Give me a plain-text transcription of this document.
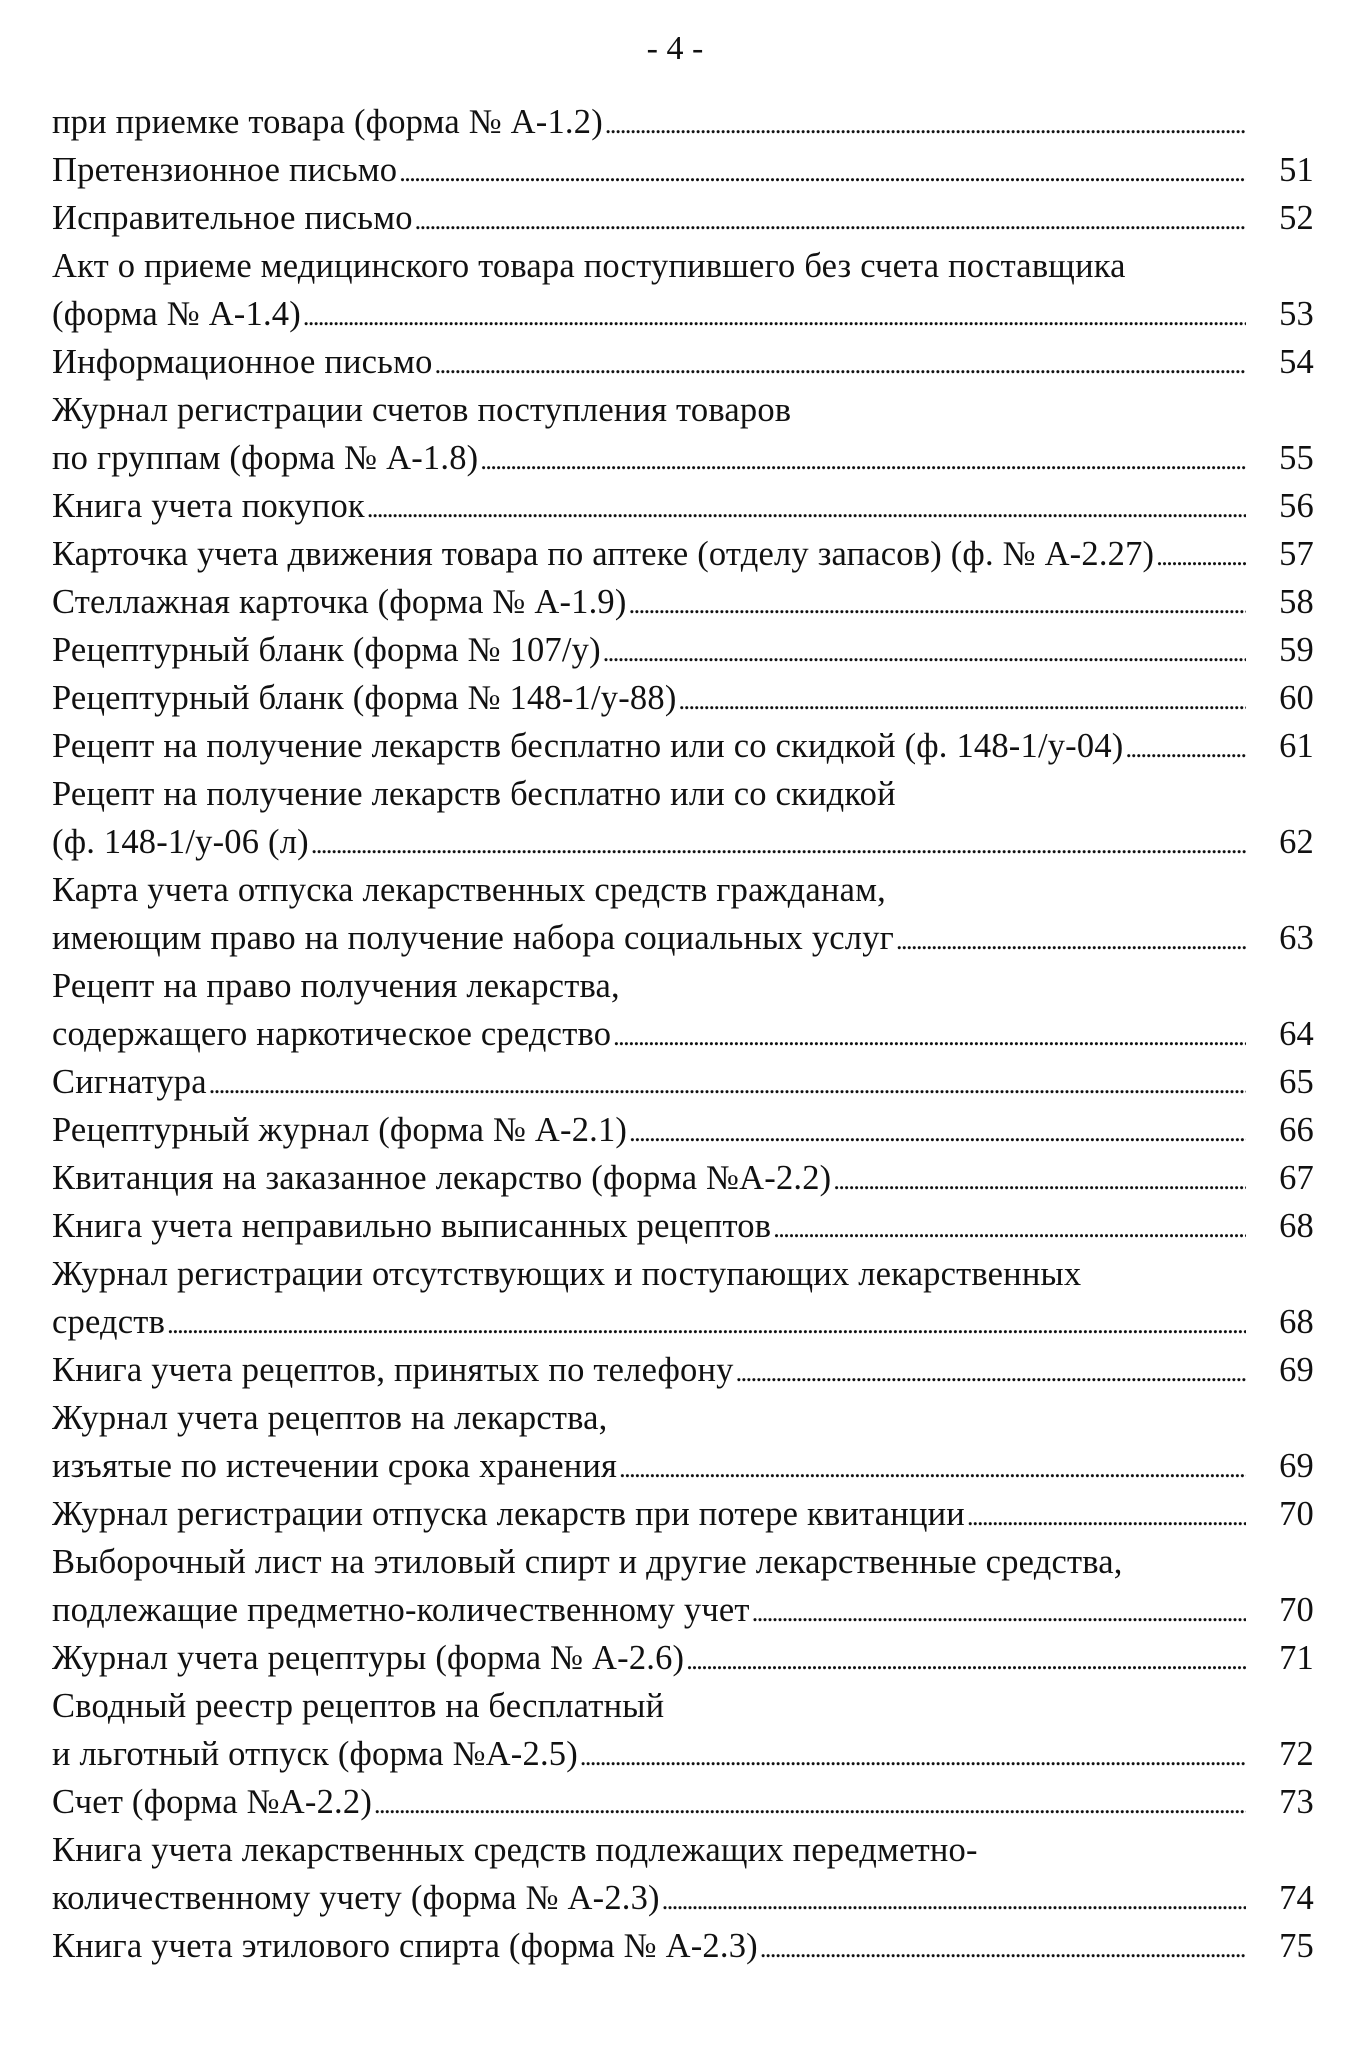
- 4 -
при приемке товара (форма № А-1.2)
. . .
Претензионное письмо . . .	51
Исправительное письмо . . .	52
Акт о приеме медицинского товара поступившего без счета поставщика
(форма № А-1.4) . . .	53
Информационное письмо . . .	54
Журнал регистрации счетов поступления товаров
по группам (форма № А-1.8) . . .	55
Книга учета покупок . . .	56
Карточка учета движения товара по аптеке (отделу запасов) (ф. № А-2.27) . . .	57
Стеллажная карточка (форма № А-1.9) . . .	58
Рецептурный бланк (форма № 107/у) . . .	59
Рецептурный бланк (форма № 148-1/у-88) . . .	60
Рецепт на получение лекарств бесплатно или со скидкой (ф. 148-1/у-04) . . .	61
Рецепт на получение лекарств бесплатно или со скидкой
(ф. 148-1/у-06 (л) . . .	62
Карта учета отпуска лекарственных средств гражданам,
имеющим право на получение набора социальных услуг . . .	63
Рецепт на право получения лекарства,
содержащего наркотическое средство . . .	64
Сигнатура . . .	65
Рецептурный журнал (форма № А-2.1) . . .	66
Квитанция на заказанное лекарство (форма №А-2.2) . . .	67
Книга учета неправильно выписанных рецептов . . .	68
Журнал регистрации отсутствующих и поступающих лекарственных
средств . . .	68
Книга учета рецептов, принятых по телефону . . .	69
Журнал учета рецептов на лекарства,
изъятые по истечении срока хранения . . .	69
Журнал регистрации отпуска лекарств при потере квитанции . . .	70
Выборочный лист на этиловый спирт и другие лекарственные средства,
подлежащие предметно-количественному учет . . .	70
Журнал учета рецептуры (форма № А-2.6) . . .	71
Сводный реестр рецептов на бесплатный
и льготный отпуск (форма №А-2.5) . . .	72
Счет (форма №А-2.2) . . .	73
Книга учета лекарственных средств подлежащих передметно-
количественному учету (форма № А-2.3) . . .	74
Книга учета этилового спирта (форма № А-2.3) . . .	75
